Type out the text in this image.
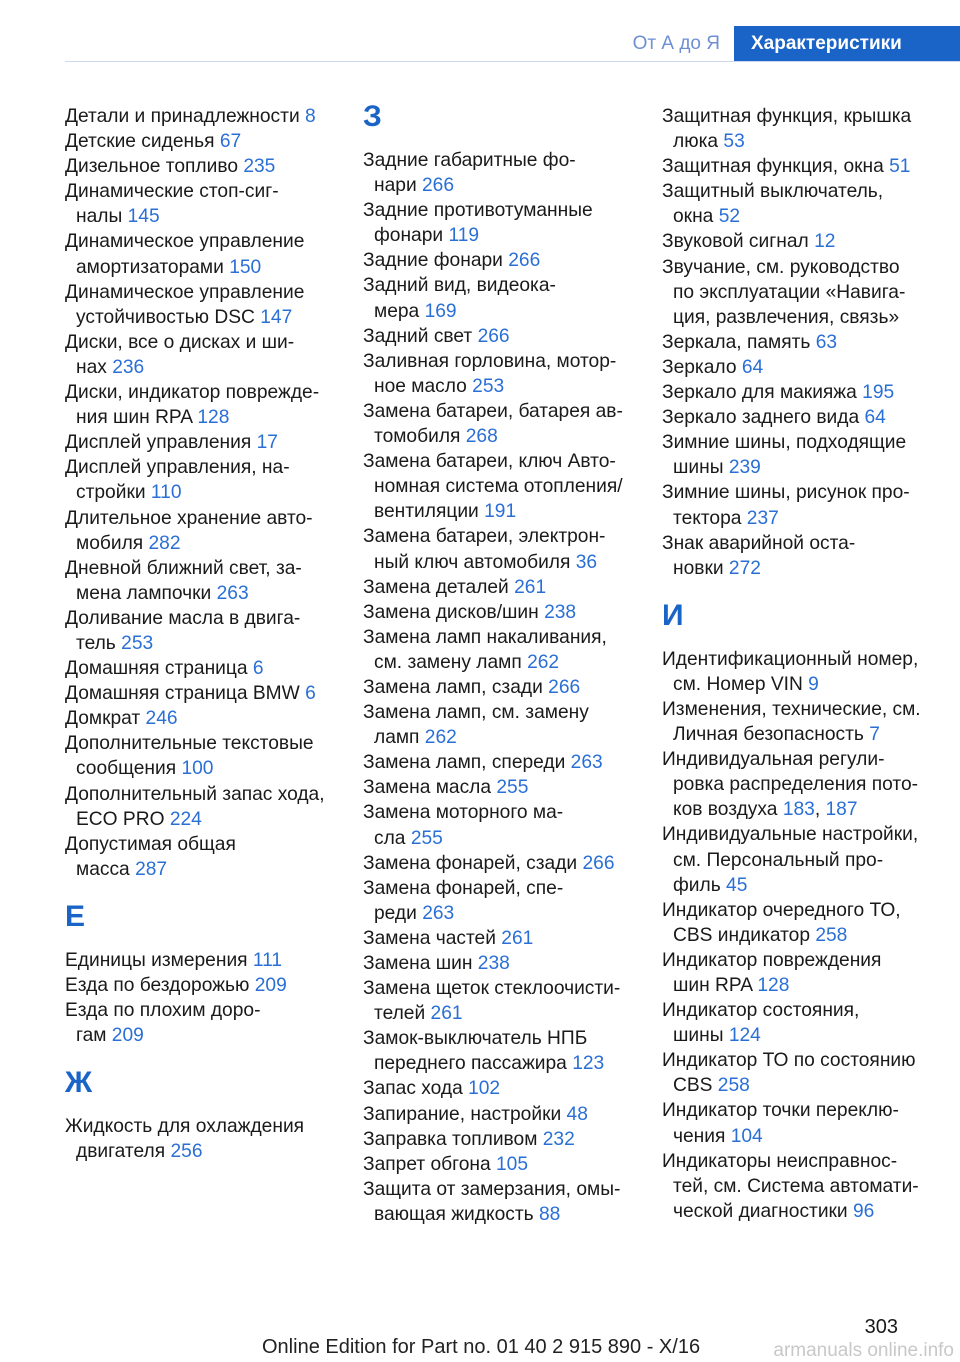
От А до Я	Характеристики
Детали и принадлежности 8
Детские сиденья 67
Дизельное топливо 235
Динамические стоп-сиг-
налы 145
Динамическое управление
амортизаторами 150
Динамическое управление
устойчивостью DSC 147
Диски, все о дисках и ши-
нах 236
Диски, индикатор поврежде-
ния шин RPA 128
Дисплей управления 17
Дисплей управления, на-
стройки 110
Длительное хранение авто-
мобиля 282
Дневной ближний свет, за-
мена лампочки 263
Доливание масла в двига-
тель 253
Домашняя страница 6
Домашняя страница BMW 6
Домкрат 246
Дополнительные текстовые
сообщения 100
Дополнительный запас хода,
ECO PRO 224
Допустимая общая
масса 287
Е
Единицы измерения 111
Езда по бездорожью 209
Езда по плохим доро-
гам 209
Ж
Жидкость для охлаждения
двигателя 256
З
Задние габаритные фо-
нари 266
Задние противотуманные
фонари 119
Задние фонари 266
Задний вид, видеока-
мера 169
Задний свет 266
Заливная горловина, мотор-
ное масло 253
Замена батареи, батарея ав-
томобиля 268
Замена батареи, ключ Авто-
номная система отопления/
вентиляции 191
Замена батареи, электрон-
ный ключ автомобиля 36
Замена деталей 261
Замена дисков/шин 238
Замена ламп накаливания,
см. замену ламп 262
Замена ламп, сзади 266
Замена ламп, см. замену
ламп 262
Замена ламп, спереди 263
Замена масла 255
Замена моторного ма-
сла 255
Замена фонарей, сзади 266
Замена фонарей, спе-
реди 263
Замена частей 261
Замена шин 238
Замена щеток стеклоочисти-
телей 261
Замок-выключатель НПБ
переднего пассажира 123
Запас хода 102
Запирание, настройки 48
Заправка топливом 232
Запрет обгона 105
Защита от замерзания, омы-
вающая жидкость 88
Защитная функция, крышка
люка 53
Защитная функция, окна 51
Защитный выключатель,
окна 52
Звуковой сигнал 12
Звучание, см. руководство
по эксплуатации «Навига-
ция, развлечения, связь»
Зеркала, память 63
Зеркало 64
Зеркало для макияжа 195
Зеркало заднего вида 64
Зимние шины, подходящие
шины 239
Зимние шины, рисунок про-
тектора 237
Знак аварийной оста-
новки 272
И
Идентификационный номер,
см. Номер VIN 9
Изменения, технические, см.
Личная безопасность 7
Индивидуальная регули-
ровка распределения пото-
ков воздуха 183, 187
Индивидуальные настройки,
см. Персональный про-
филь 45
Индикатор очередного ТО,
CBS индикатор 258
Индикатор повреждения
шин RPA 128
Индикатор состояния,
шины 124
Индикатор ТО по состоянию
CBS 258
Индикатор точки переклю-
чения 104
Индикаторы неисправнос-
тей, см. Система автомати-
ческой диагностики 96
303
Online Edition for Part no. 01 40 2 915 890 - X/16	armanuals online.info
